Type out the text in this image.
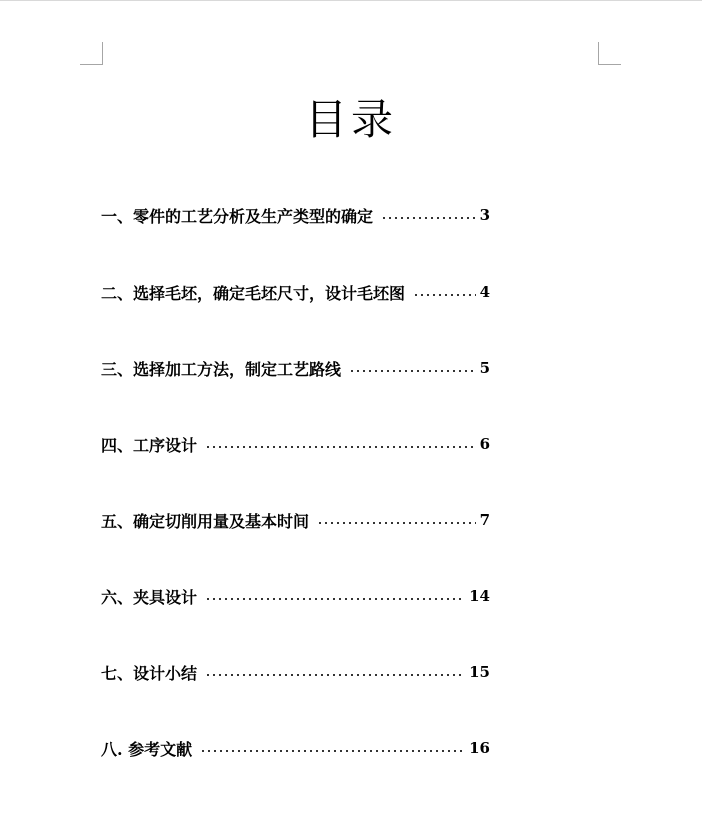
目录
一、零件的工艺分析及生产类型的确定	3
二、选择毛坯，确定毛坯尺寸，设计毛坯图	4
三、选择加工方法，制定工艺路线	5
四、工序设计	6
五、确定切削用量及基本时间	7
六、夹具设计	14
七、设计小结	15
八. 参考文献	16
